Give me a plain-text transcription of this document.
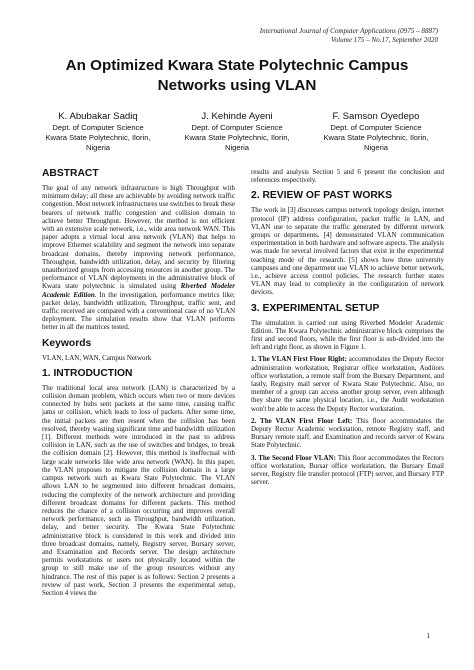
International Journal of Computer Applications (0975 – 8887)
Volume 175 – No.17, September 2020
An Optimized Kwara State Polytechnic Campus
Networks using VLAN
K. Abubakar Sadiq
Dept. of Computer Science
Kwara State Polytechnic, Ilorin,
Nigeria
J. Kehinde Ayeni
Dept. of Computer Science
Kwara State Polytechnic, Ilorin,
Nigeria
F. Samson Oyedepo
Dept. of Computer Science
Kwara State Polytechnic, Ilorin,
Nigeria
ABSTRACT

The goal of any network infrastructure is high Throughput with minimum delay; all these are achievable by avoiding network traffic congestion. Most network infrastructures use switches to break these bearers of network traffic congestion and collision domain to achieve better Throughput. However, the method is not efficient with an extensive scale network, i.e., wide area network WAN. This paper adopts a virtual local area network (VLAN) that helps to improve Ethernet scalability and segment the network into separate broadcast domains, thereby improving network performance, Throughput, bandwidth utilization, delay, and security by filtering unauthorized groups from accessing resources in another group. The performance of VLAN deployments in the administrative block of Kwara state polytechnic is simulated using Riverbed Modeler Academic Edition. In the investigation, performance metrics like; packet delay, bandwidth utilization, Throughput, traffic sent, and traffic received are compared with a conventional case of no VLAN deployment. The simulation results show that VLAN performs better in all the matrices tested.

Keywords

VLAN, LAN, WAN, Campus Network

1. INTRODUCTION

The traditional local area network (LAN) is characterized by a collision domain problem, which occurs when two or more devices connected by hubs sent packets at the same time, causing traffic jams or collision, which leads to loss of packets. After some time, the initial packets are then resent when the collision has been resolved, thereby wasting significant time and bandwidth utilization [1]. Different methods were introduced in the past to address collision in LAN, such as the use of switches and bridges, to break the collision domain [2]. However, this method is ineffectual with large scale networks like wide area network (WAN). In this paper, the VLAN proposes to mitigate the collision domain in a large campus network such as Kwara State Polytechnic. The VLAN allows LAN to be segmented into different broadcast domains, reducing the complexity of the network architecture and providing different broadcast domains for different packets. This method reduces the chance of a collision occurring and improves overall network performance, such as Throughput, bandwidth utilization, delay, and better security. The Kwara State Polytechnic administrative block is considered in this work and divided into three broadcast domains, namely, Registry server, Bursary server, and Examination and Records server. The design architecture permits workstations or users not physically located within the group to still make use of the group resources without any hindrance. The rest of this paper is as follows: Section 2 presents a review of past work, Section 3 presents the experimental setup, Section 4 views the

results and analysis Section 5 and 6 present the conclusion and references respectively.

2. REVIEW OF PAST WORKS

The work in [3] discusses campus network topology design, internet protocol (IP) address configuration, packet traffic in LAN, and VLAN use to separate the traffic generated by different network groups or departments. [4] demonstrated VLAN communication experimentation in both hardware and software aspects. The analysis was made for several involved factors that exist in the experimental teaching mode of the research. [5] shows how three university campuses and one department use VLAN to achieve better network, i.e., achieve access control policies. The research further states VLAN may lead to complexity in the configuration of network devices.

3. EXPERIMENTAL SETUP

The simulation is carried out using Riverbed Modeler Academic Edition. The Kwara Polytechnic administrative block comprises the first and second floors, while the first floor is sub-divided into the left and right floor, as shown in Figure 1.

1. The VLAN First Floor Right: accommodates the Deputy Rector administration workstation, Registrar office workstation, Auditors office workstation, a remote staff from the Bursary Department, and lastly, Registry mail server of Kwara State Polytechnic. Also, no member of a group can access another group server, even although they share the same physical location, i.e., the Audit workstation won't be able to access the Deputy Rector workstation.

2. The VLAN First Floor Left: This floor accommodates the Deputy Rector Academic workstation, remote Registry staff, and Bursary remote staff, and Examination and records server of Kwara State Polytechnic.

3. The Second Floor VLAN: This floor accommodates the Rectors office workstation, Bursar office workstation, the Bursary Email server, Registry file transfer protocol (FTP) server, and Bursary FTP server.

1
